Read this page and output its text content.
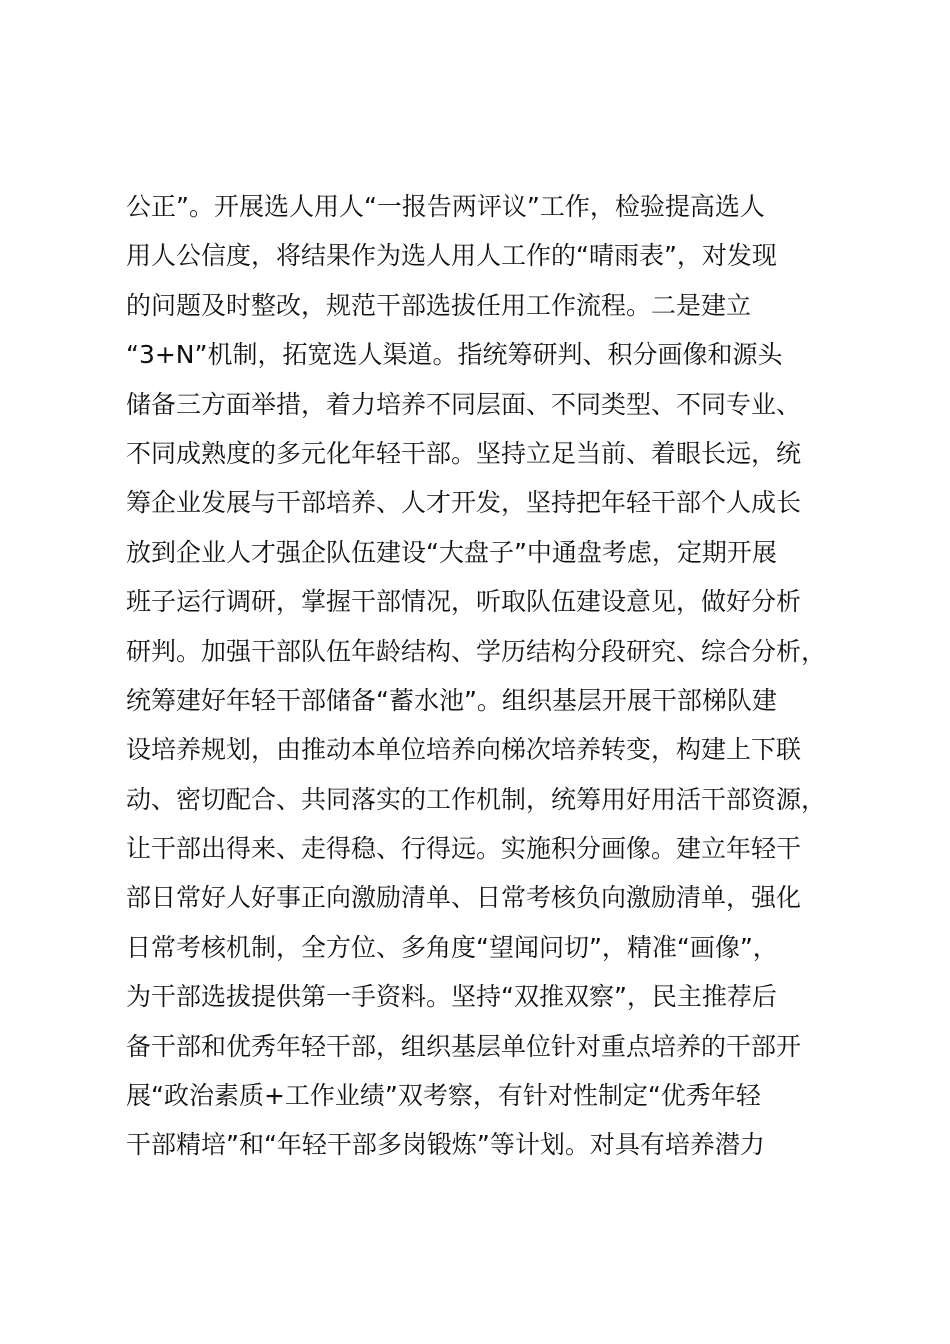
公正”。开展选人用人“一报告两评议”工作，检验提高选人
用人公信度，将结果作为选人用人工作的“晴雨表”，对发现
的问题及时整改，规范干部选拔任用工作流程。二是建立
“3+N”机制，拓宽选人渠道。指统筹研判、积分画像和源头
储备三方面举措，着力培养不同层面、不同类型、不同专业、
不同成熟度的多元化年轻干部。坚持立足当前、着眼长远，统
筹企业发展与干部培养、人才开发，坚持把年轻干部个人成长
放到企业人才强企队伍建设“大盘子”中通盘考虑，定期开展
班子运行调研，掌握干部情况，听取队伍建设意见，做好分析
研判。加强干部队伍年龄结构、学历结构分段研究、综合分析，
统筹建好年轻干部储备“蓄水池”。组织基层开展干部梯队建
设培养规划，由推动本单位培养向梯次培养转变，构建上下联
动、密切配合、共同落实的工作机制，统筹用好用活干部资源，
让干部出得来、走得稳、行得远。实施积分画像。建立年轻干
部日常好人好事正向激励清单、日常考核负向激励清单，强化
日常考核机制，全方位、多角度“望闻问切”，精准“画像”，
为干部选拔提供第一手资料。坚持“双推双察”，民主推荐后
备干部和优秀年轻干部，组织基层单位针对重点培养的干部开
展“政治素质+工作业绩”双考察，有针对性制定“优秀年轻
干部精培”和“年轻干部多岗锻炼”等计划。对具有培养潜力
